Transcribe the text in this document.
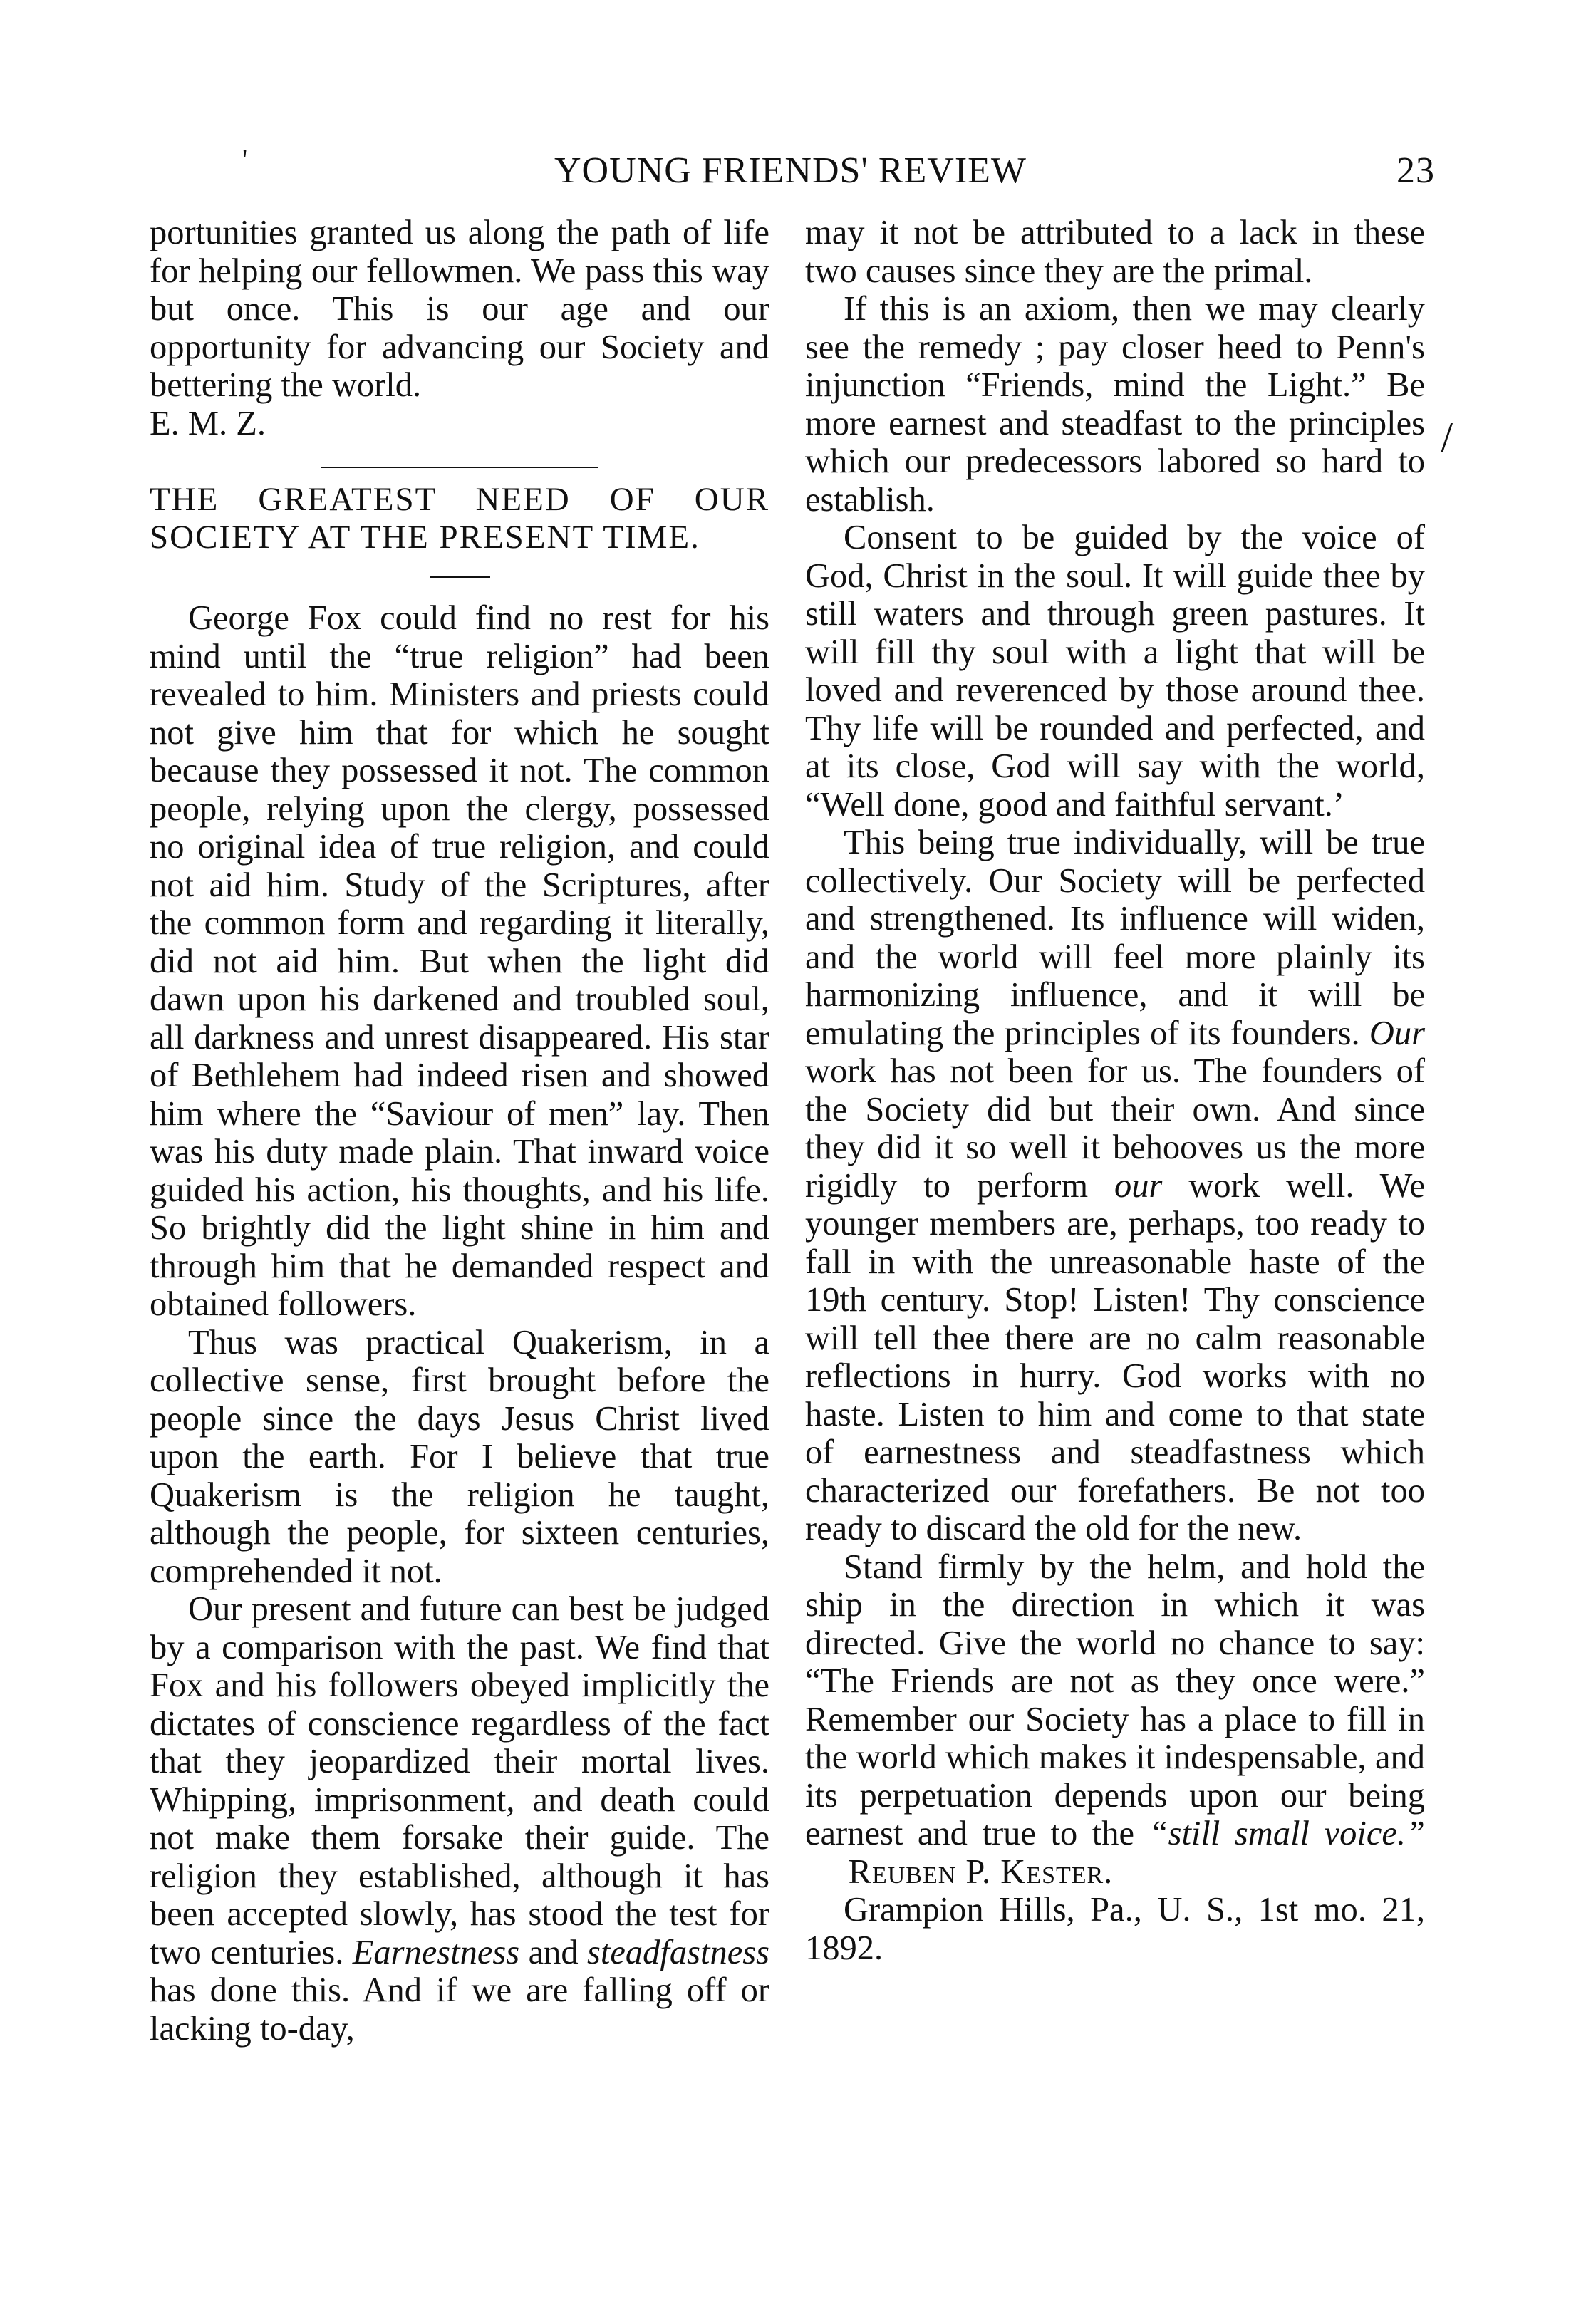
'	YOUNG FRIENDS' REVIEW	23
/

portunities granted us along the path of life for helping our fellowmen. We pass this way but once. This is our age and our opportunity for advancing our Society and bettering the world.

E. M. Z.

THE GREATEST NEED OF OUR SOCIETY AT THE PRESENT TIME.

George Fox could find no rest for his mind until the “true religion” had been revealed to him. Ministers and priests could not give him that for which he sought because they possessed it not. The common people, relying upon the clergy, possessed no original idea of true religion, and could not aid him. Study of the Scriptures, after the common form and regarding it literally, did not aid him. But when the light did dawn upon his darkened and troubled soul, all darkness and unrest disappeared. His star of Bethlehem had indeed risen and showed him where the “Saviour of men” lay. Then was his duty made plain. That inward voice guided his action, his thoughts, and his life. So brightly did the light shine in him and through him that he demanded respect and obtained followers.

Thus was practical Quakerism, in a collective sense, first brought before the people since the days Jesus Christ lived upon the earth. For I believe that true Quakerism is the religion he taught, although the people, for sixteen centuries, comprehended it not.

Our present and future can best be judged by a comparison with the past. We find that Fox and his followers obeyed implicitly the dictates of conscience regardless of the fact that they jeopardized their mortal lives. Whipping, imprisonment, and death could not make them forsake their guide. The religion they established, although it has been accepted slowly, has stood the test for two centuries. Earnestness and steadfastness has done this. And if we are falling off or lacking to-day,

may it not be attributed to a lack in these two causes since they are the primal.

If this is an axiom, then we may clearly see the remedy ; pay closer heed to Penn's injunction “Friends, mind the Light.” Be more earnest and steadfast to the principles which our predecessors labored so hard to establish.

Consent to be guided by the voice of God, Christ in the soul. It will guide thee by still waters and through green pastures. It will fill thy soul with a light that will be loved and reverenced by those around thee. Thy life will be rounded and perfected, and at its close, God will say with the world, “Well done, good and faithful servant.’

This being true individually, will be true collectively. Our Society will be perfected and strengthened. Its influence will widen, and the world will feel more plainly its harmonizing influence, and it will be emulating the principles of its founders. Our work has not been for us. The founders of the Society did but their own. And since they did it so well it behooves us the more rigidly to perform our work well. We younger members are, perhaps, too ready to fall in with the unreasonable haste of the 19th century. Stop! Listen! Thy conscience will tell thee there are no calm reasonable reflections in hurry. God works with no haste. Listen to him and come to that state of earnestness and steadfastness which characterized our forefathers. Be not too ready to discard the old for the new.

Stand firmly by the helm, and hold the ship in the direction in which it was directed. Give the world no chance to say: “The Friends are not as they once were.” Remember our Society has a place to fill in the world which makes it indespensable, and its perpetuation depends upon our being earnest and true to the “still small voice.”      Reuben P. Kester.

Grampion Hills, Pa., U. S., 1st mo. 21, 1892.
